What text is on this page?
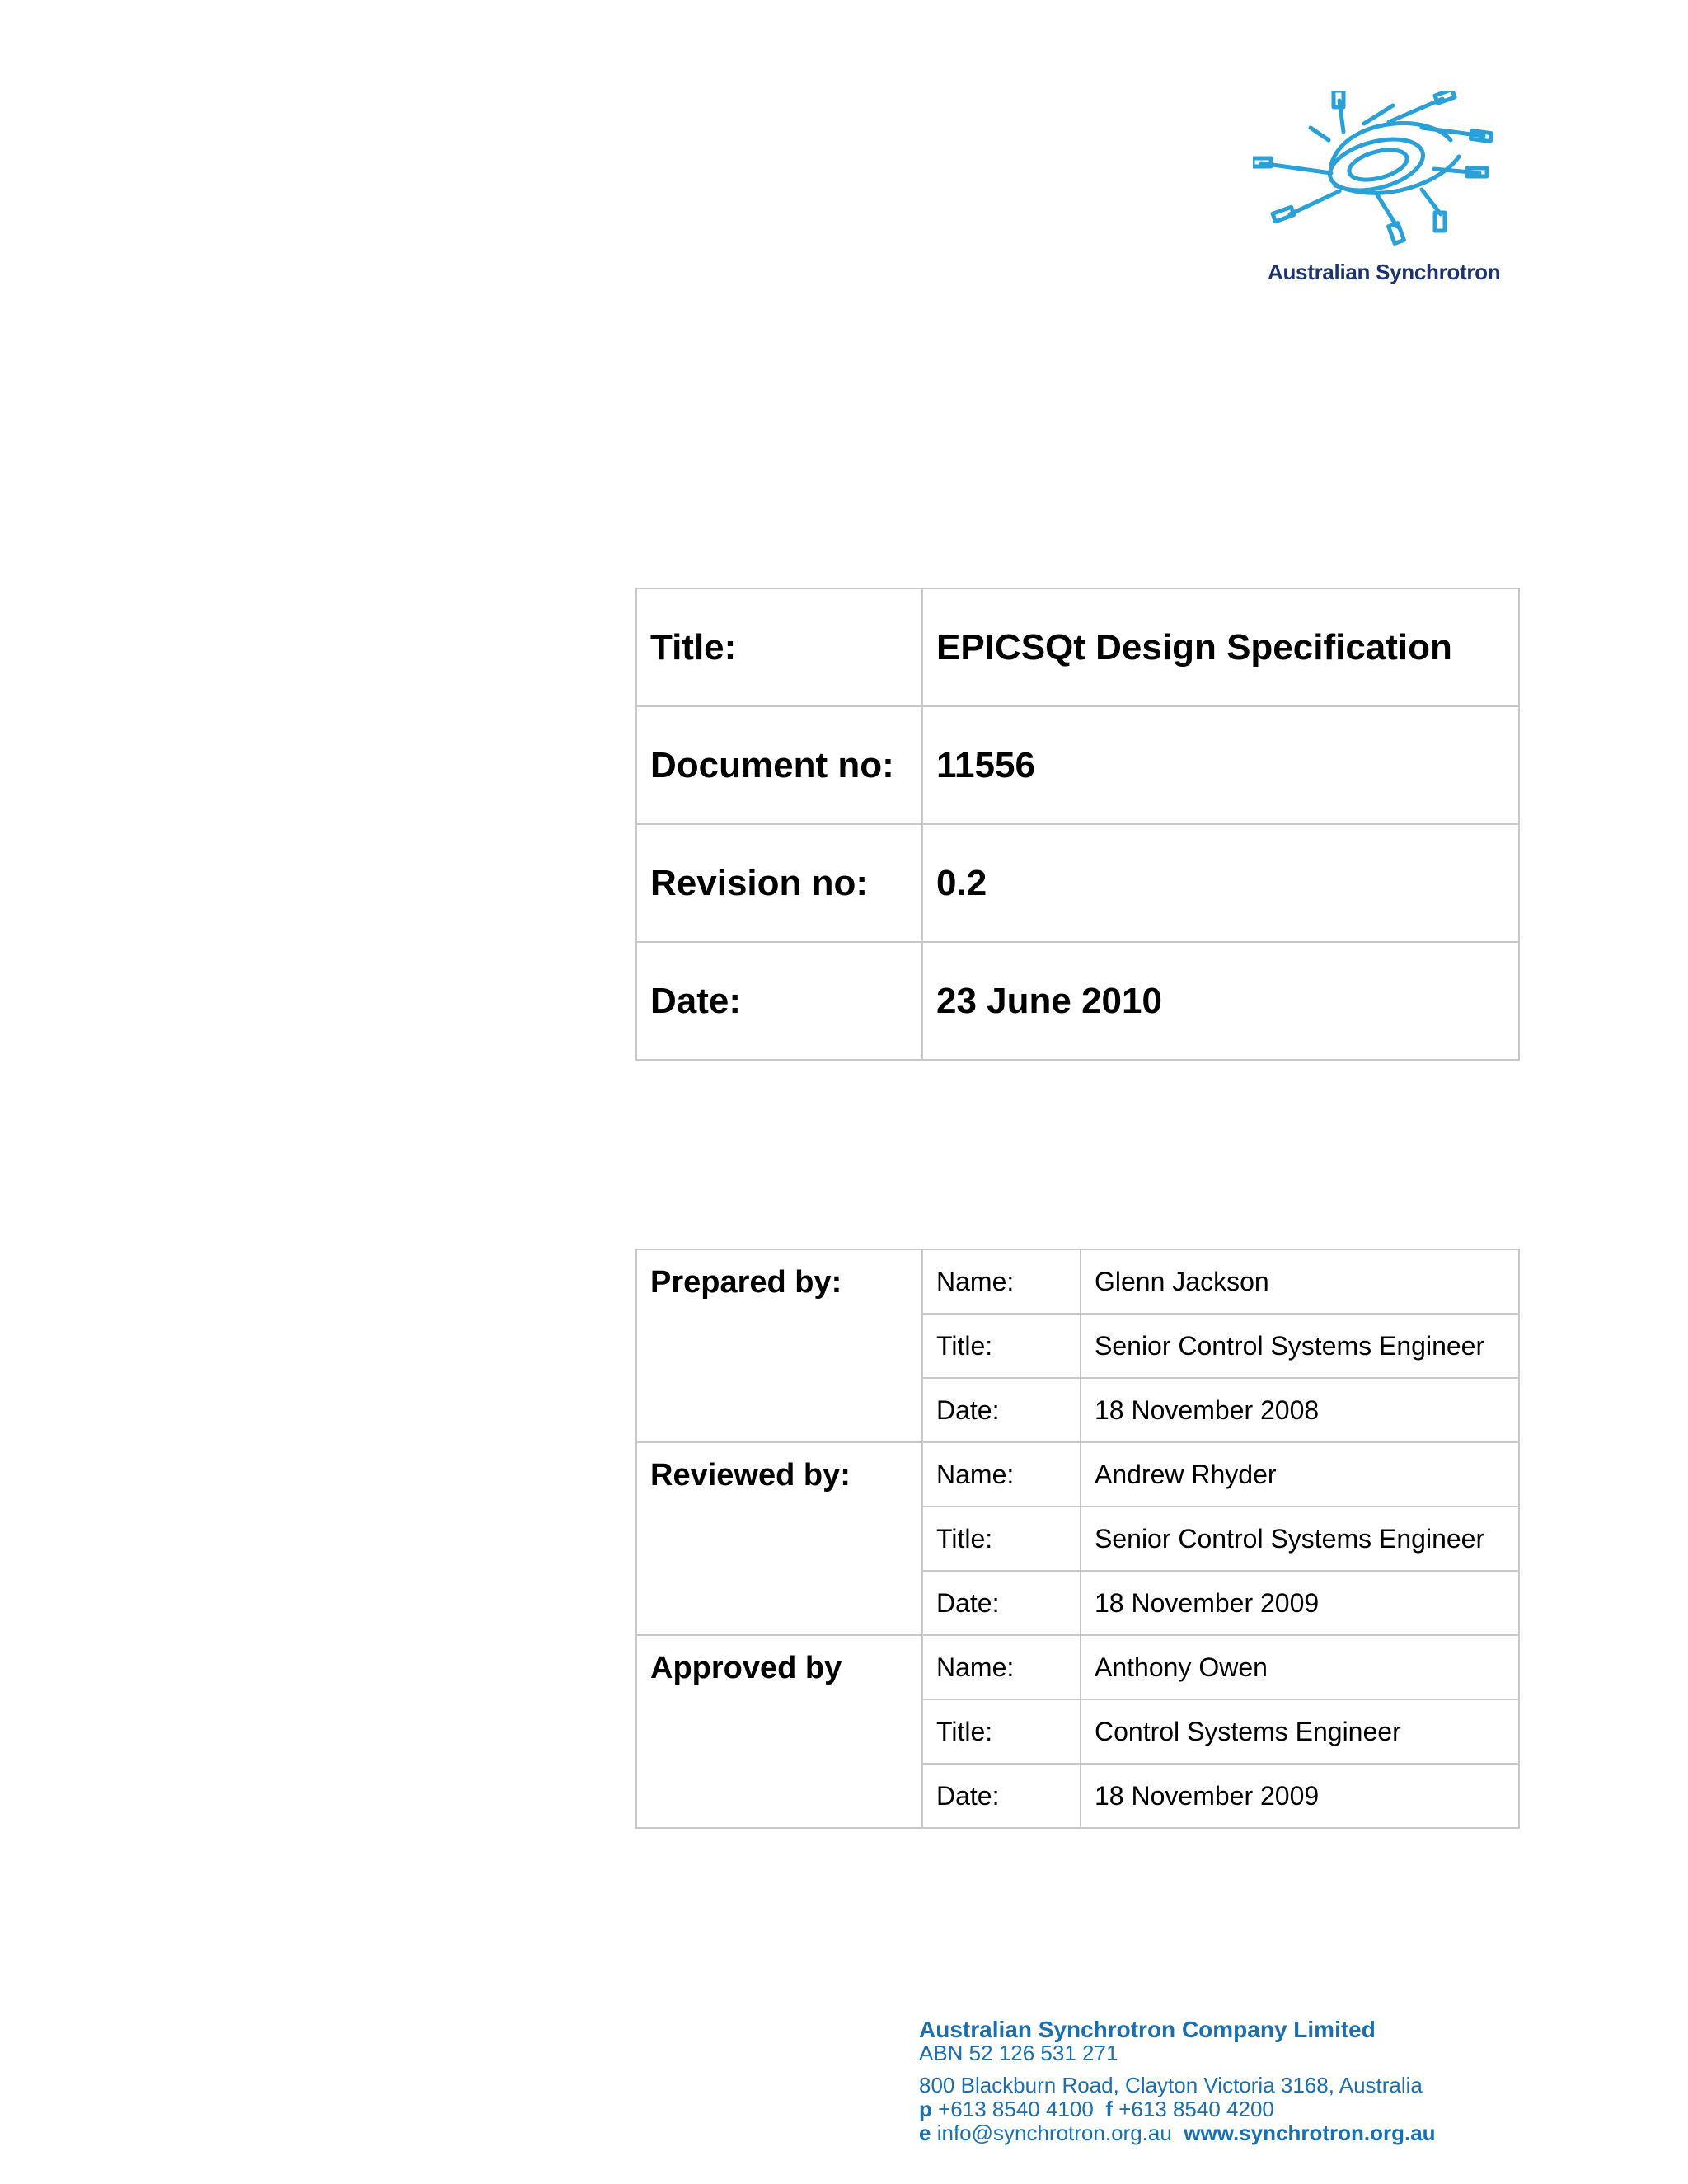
Australian Synchrotron
Title:	EPICSQt Design Specification
Document no:	11556
Revision no:	0.2
Date:	23 June 2010
Prepared by:	Name:	Glenn Jackson
	Title:	Senior Control Systems Engineer
	Date:	18 November 2008
Reviewed by:	Name:	Andrew Rhyder
	Title:	Senior Control Systems Engineer
	Date:	18 November 2009
Approved by	Name:	Anthony Owen
	Title:	Control Systems Engineer
	Date:	18 November 2009
Australian Synchrotron Company Limited
ABN 52 126 531 271
800 Blackburn Road, Clayton Victoria 3168, Australia
p +613 8540 4100 f +613 8540 4200
e info@synchrotron.org.au www.synchrotron.org.au
